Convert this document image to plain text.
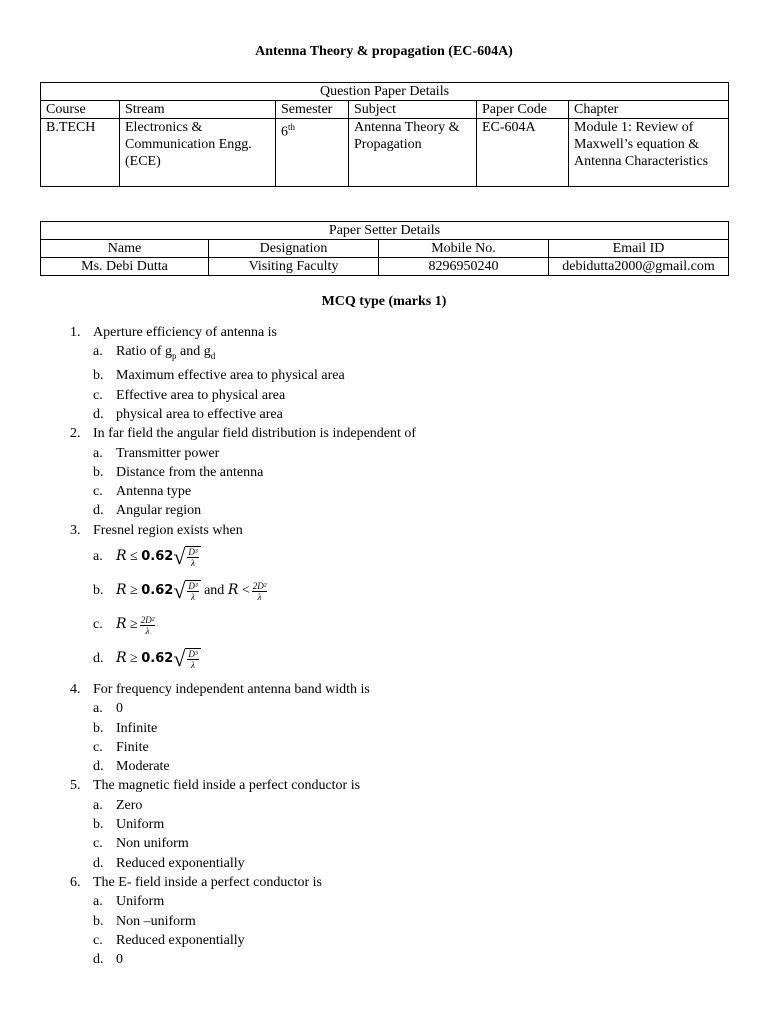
Antenna Theory & propagation (EC-604A)
Question Paper Details					
Course	Stream	Semester	Subject	Paper Code	Chapter
B.TECH	Electronics & Communication Engg. (ECE)	6th	Antenna Theory & Propagation	EC-604A	Module 1: Review of Maxwell’s equation & Antenna Characteristics
Paper Setter Details			
Name	Designation	Mobile No.	Email ID
Ms. Debi Dutta	Visiting Faculty	8296950240	debidutta2000@gmail.com
MCQ type (marks 1)
1. Aperture efficiency of antenna is
a. Ratio of $g_p$ and $g_d$
b. Maximum effective area to physical area
c. Effective area to physical area
d. physical area to effective area
2. In far field the angular field distribution is independent of
a. Transmitter power
b. Distance from the antenna
c. Antenna type
d. Angular region
3. Fresnel region exists when
a. R
≤
0.62 √ $\frac{\text{D³}}{\lambda}$
b. R
≥
0.62 √ $\frac{\text{D³}}{\lambda}$
and
R
< $\frac{\text{2D²}}{\lambda}$
c. R
≥ $\frac{\text{2D²}}{\lambda}$
d. R
≥
0.62 √ $\frac{\text{D³}}{\lambda}$
4. For frequency independent antenna band width is
a. 0
b. Infinite
c. Finite
d. Moderate
5. The magnetic field inside a perfect conductor is
a. Zero
b. Uniform
c. Non uniform
d. Reduced exponentially
6. The E- field inside a perfect conductor is
a. Uniform
b. Non –uniform
c. Reduced exponentially
d. 0
